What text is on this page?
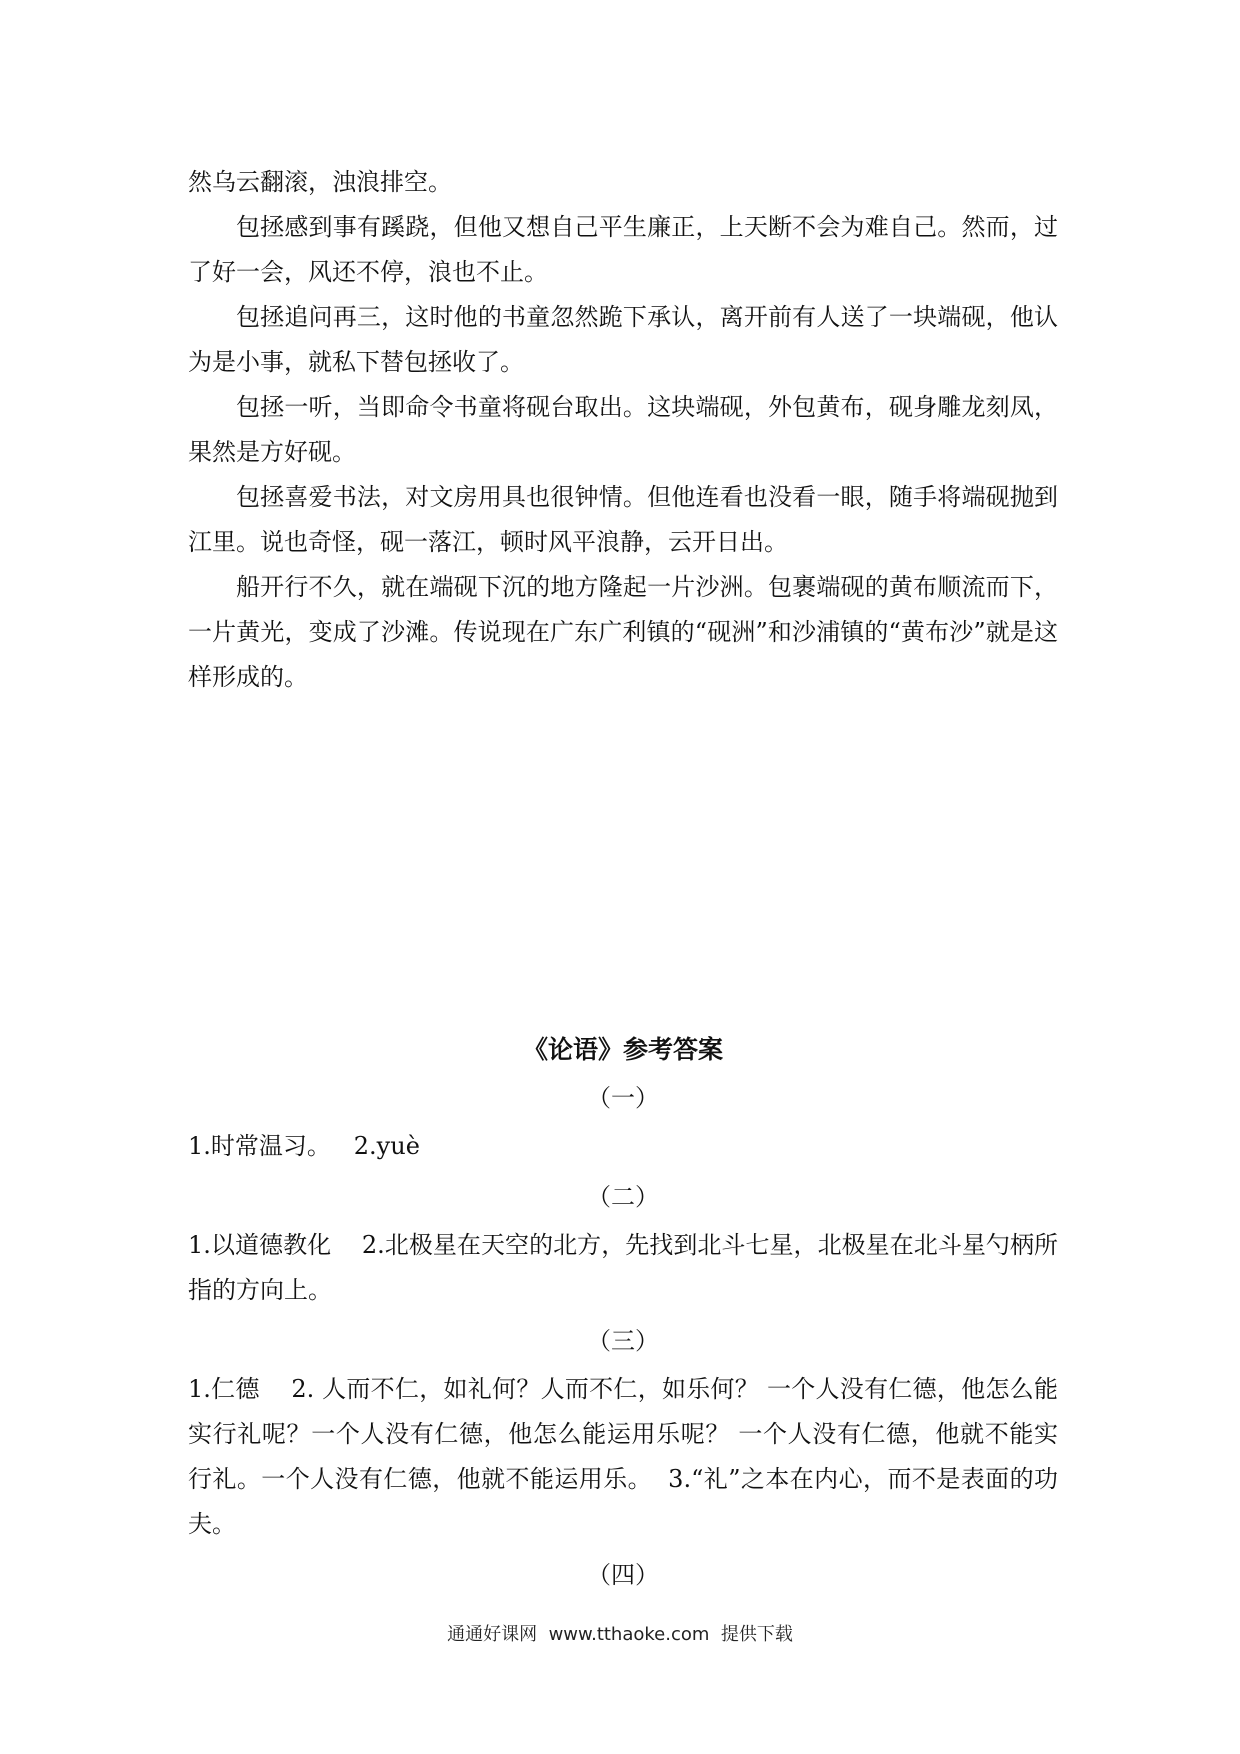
然乌云翻滚，浊浪排空。

包拯感到事有蹊跷，但他又想自己平生廉正，上天断不会为难自己。然而，过了好一会，风还不停，浪也不止。

包拯追问再三，这时他的书童忽然跪下承认，离开前有人送了一块端砚，他认为是小事，就私下替包拯收了。

包拯一听，当即命令书童将砚台取出。这块端砚，外包黄布，砚身雕龙刻凤，果然是方好砚。

包拯喜爱书法，对文房用具也很钟情。但他连看也没看一眼，随手将端砚抛到江里。说也奇怪，砚一落江，顿时风平浪静，云开日出。

船开行不久，就在端砚下沉的地方隆起一片沙洲。包裹端砚的黄布顺流而下，一片黄光，变成了沙滩。传说现在广东广利镇的“砚洲”和沙浦镇的“黄布沙”就是这样形成的。

《论语》参考答案
（一）

1.时常温习。   2.yuè

（二）

1.以道德教化    2.北极星在天空的北方，先找到北斗七星，北极星在北斗星勺柄所指的方向上。

（三）

1.仁德    2. 人而不仁，如礼何？人而不仁，如乐何？ 一个人没有仁德，他怎么能实行礼呢？一个人没有仁德，他怎么能运用乐呢？ 一个人没有仁德，他就不能实行礼。一个人没有仁德，他就不能运用乐。  3.“礼”之本在内心，而不是表面的功夫。

（四）
通通好课网  www.tthaoke.com  提供下载
